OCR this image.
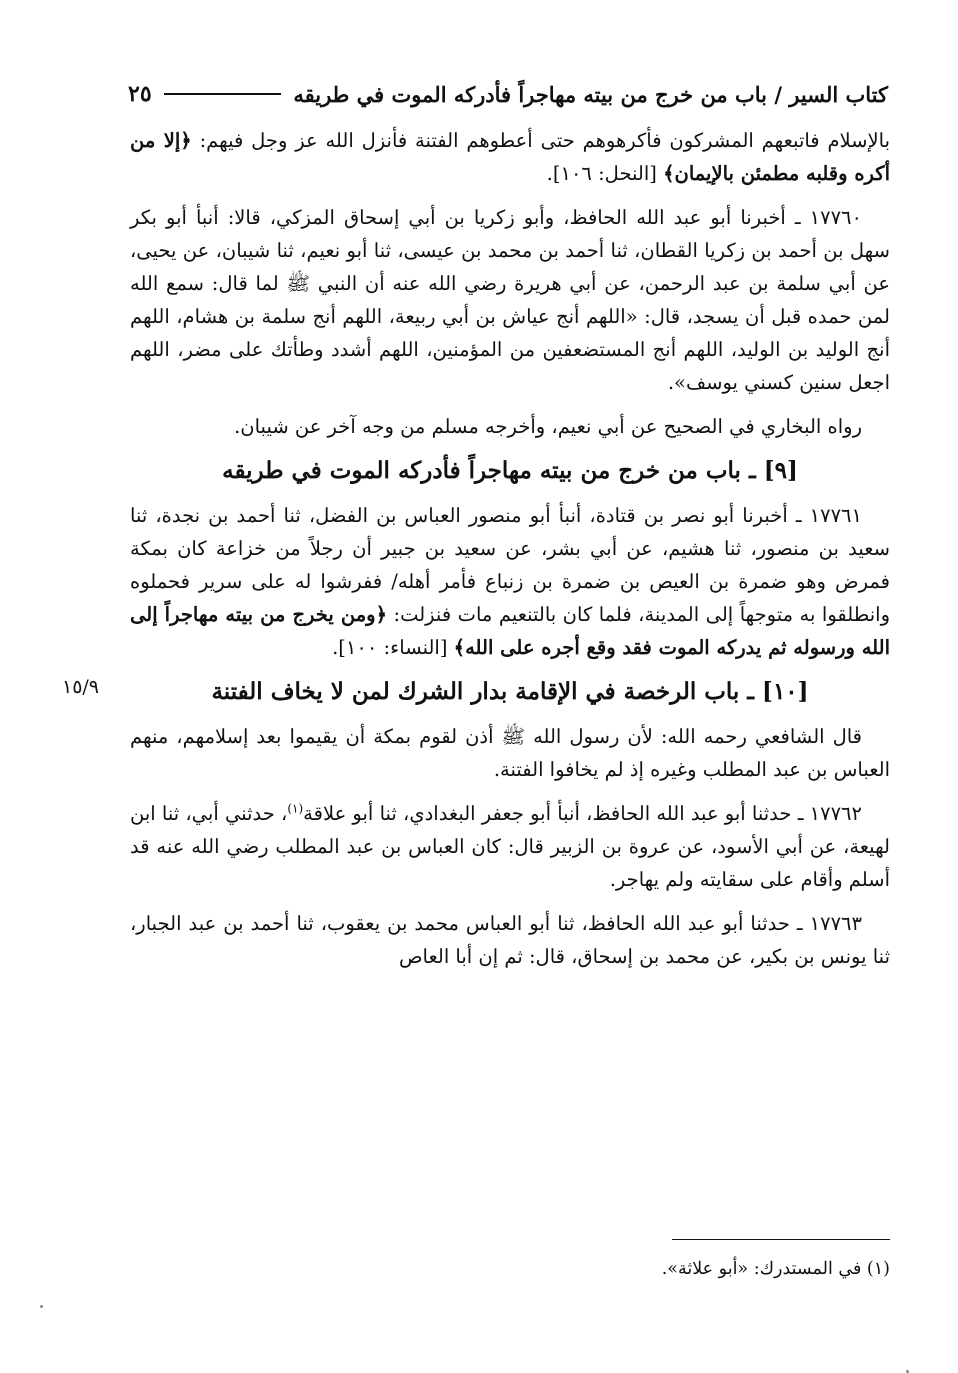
كتاب السير / باب من خرج من بيته مهاجراً فأدركه الموت في طريقه
٢٥

بالإسلام فاتبعهم المشركون فأكرهوهم حتى أعطوهم الفتنة فأنزل الله عز وجل فيهم: ﴿إلا من أكره وقلبه مطمئن بالإيمان﴾ [النحل: ١٠٦].

١٧٧٦٠ ـ أخبرنا أبو عبد الله الحافظ، وأبو زكريا بن أبي إسحاق المزكي، قالا: أنبأ أبو بكر سهل بن أحمد بن زكريا القطان، ثنا أحمد بن محمد بن عيسى، ثنا أبو نعيم، ثنا شيبان، عن يحيى، عن أبي سلمة بن عبد الرحمن، عن أبي هريرة رضي الله عنه أن النبي ﷺ لما قال: سمع الله لمن حمده قبل أن يسجد، قال: «اللهم أنج عياش بن أبي ربيعة، اللهم أنج سلمة بن هشام، اللهم أنج الوليد بن الوليد، اللهم أنج المستضعفين من المؤمنين، اللهم أشدد وطأتك على مضر، اللهم اجعل سنين كسني يوسف».

رواه البخاري في الصحيح عن أبي نعيم، وأخرجه مسلم من وجه آخر عن شيبان.

[٩] ـ باب من خرج من بيته مهاجراً فأدركه الموت في طريقه

١٧٧٦١ ـ أخبرنا أبو نصر بن قتادة، أنبأ أبو منصور العباس بن الفضل، ثنا أحمد بن نجدة، ثنا سعيد بن منصور، ثنا هشيم، عن أبي بشر، عن سعيد بن جبير أن رجلاً من خزاعة كان بمكة فمرض وهو ضمرة بن العيص بن ضمرة بن زنباع فأمر أهله/ ففرشوا له على سرير فحملوه وانطلقوا به متوجهاً إلى المدينة، فلما كان بالتنعيم مات فنزلت: ﴿ومن يخرج من بيته مهاجراً إلى الله ورسوله ثم يدركه الموت فقد وقع أجره على الله﴾ [النساء: ١٠٠].

[١٠] ـ باب الرخصة في الإقامة بدار الشرك لمن لا يخاف الفتنة

قال الشافعي رحمه الله: لأن رسول الله ﷺ أذن لقوم بمكة أن يقيموا بعد إسلامهم، منهم العباس بن عبد المطلب وغيره إذ لم يخافوا الفتنة.

١٧٧٦٢ ـ حدثنا أبو عبد الله الحافظ، أنبأ أبو جعفر البغدادي، ثنا أبو علاقة$^{(١)}$، حدثني أبي، ثنا ابن لهيعة، عن أبي الأسود، عن عروة بن الزبير قال: كان العباس بن عبد المطلب رضي الله عنه قد أسلم وأقام على سقايته ولم يهاجر.

١٧٧٦٣ ـ حدثنا أبو عبد الله الحافظ، ثنا أبو العباس محمد بن يعقوب، ثنا أحمد بن عبد الجبار، ثنا يونس بن بكير، عن محمد بن إسحاق، قال: ثم إن أبا العاص

١٥/٩
(١) في المستدرك: «أبو علاثة».
